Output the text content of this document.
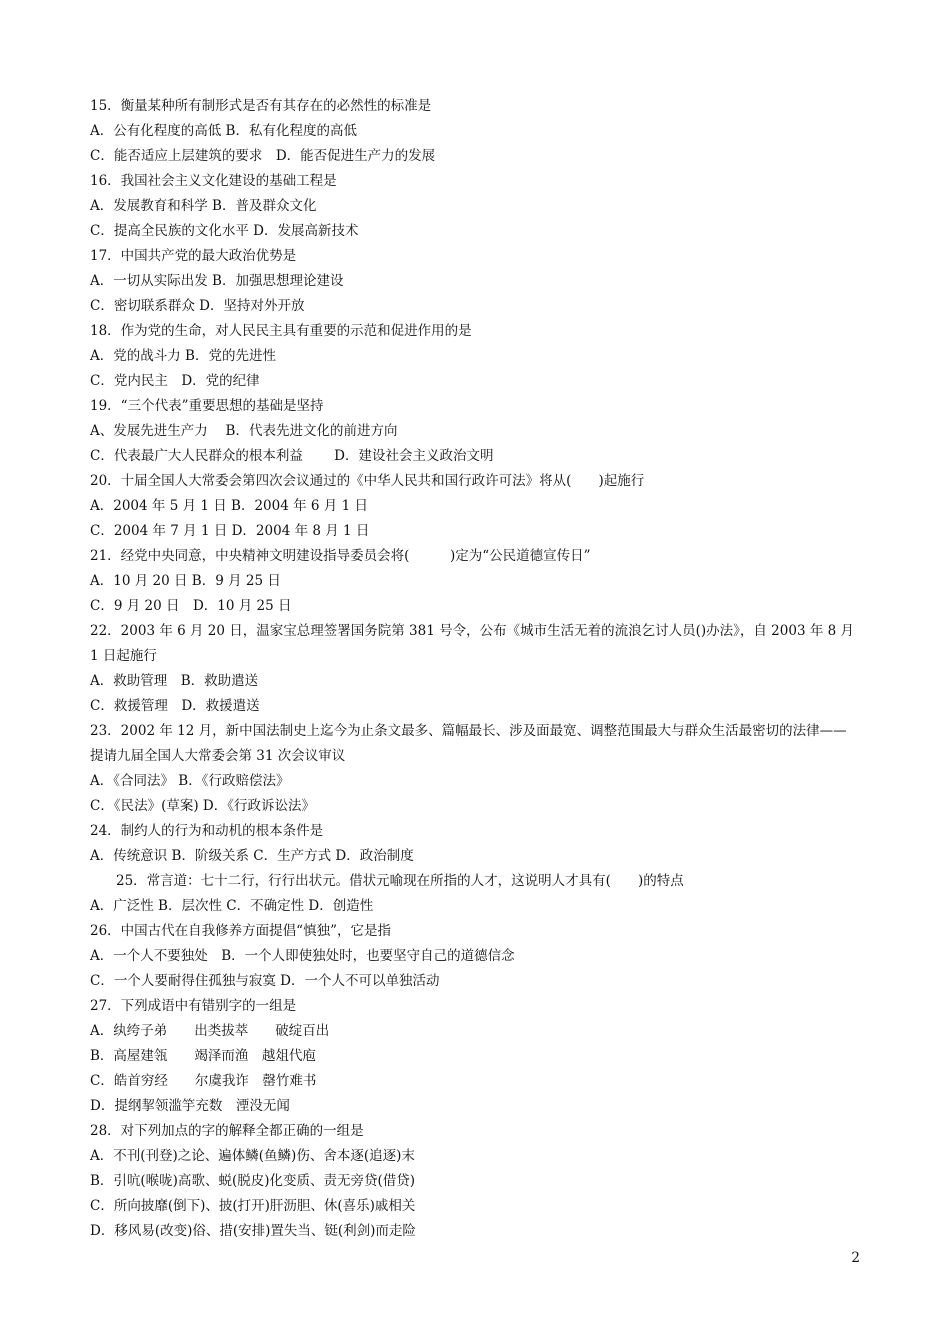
15．衡量某种所有制形式是否有其存在的必然性的标准是
A．公有化程度的高低 B．私有化程度的高低
C．能否适应上层建筑的要求　D．能否促进生产力的发展
16．我国社会主义文化建设的基础工程是
A．发展教育和科学 B．普及群众文化
C．提高全民族的文化水平 D．发展高新技术
17．中国共产党的最大政治优势是
A．一切从实际出发 B．加强思想理论建设
C．密切联系群众 D．坚持对外开放
18．作为党的生命，对人民民主具有重要的示范和促进作用的是
A．党的战斗力 B．党的先进性
C．党内民主　D．党的纪律
19．“三个代表”重要思想的基础是坚持
A、发展先进生产力　 B．代表先进文化的前进方向
C．代表最广大人民群众的根本利益　　 D．建设社会主义政治文明
20．十届全国人大常委会第四次会议通过的《中华人民共和国行政许可法》将从(　　)起施行
A．2004 年 5 月 1 日 B．2004 年 6 月 1 日
C．2004 年 7 月 1 日 D．2004 年 8 月 1 日
21．经党中央同意，中央精神文明建设指导委员会将(　　　)定为“公民道德宣传日”
A．10 月 20 日 B．9 月 25 日
C．9 月 20 日　D．10 月 25 日
22．2003 年 6 月 20 日，温家宝总理签署国务院第 381 号令，公布《城市生活无着的流浪乞讨人员()办法》，自 2003 年 8 月
1 日起施行
A．救助管理　B．救助遣送
C．救援管理　D．救援遣送
23．2002 年 12 月，新中国法制史上迄今为止条文最多、篇幅最长、涉及面最宽、调整范围最大与群众生活最密切的法律——
提请九届全国人大常委会第 31 次会议审议
A．《合同法》 B．《行政赔偿法》
C．《民法》(草案) D．《行政诉讼法》
24．制约人的行为和动机的根本条件是
A．传统意识 B．阶级关系 C．生产方式 D．政治制度
25．常言道：七十二行，行行出状元。借状元喻现在所指的人才，这说明人才具有(　　)的特点
A．广泛性 B．层次性 C．不确定性 D．创造性
26．中国古代在自我修养方面提倡“慎独”，它是指
A．一个人不要独处　B．一个人即使独处时，也要坚守自己的道德信念
C．一个人要耐得住孤独与寂寞 D．一个人不可以单独活动
27．下列成语中有错别字的一组是
A．纨绔子弟　　出类拔萃　　破绽百出
B．高屋建瓴　　竭泽而渔　越俎代庖
C．皓首穷经　　尔虞我诈　罄竹难书
D．提纲挈领滥竽充数　湮没无闻
28．对下列加点的字的解释全都正确的一组是
A．不刊(刊登)之论、遍体鳞(鱼鳞)伤、舍本逐(追逐)末
B．引吭(喉咙)高歌、蜕(脱皮)化变质、责无旁贷(借贷)
C．所向披靡(倒下)、披(打开)肝沥胆、休(喜乐)戚相关
D．移风易(改变)俗、措(安排)置失当、铤(利剑)而走险
2
